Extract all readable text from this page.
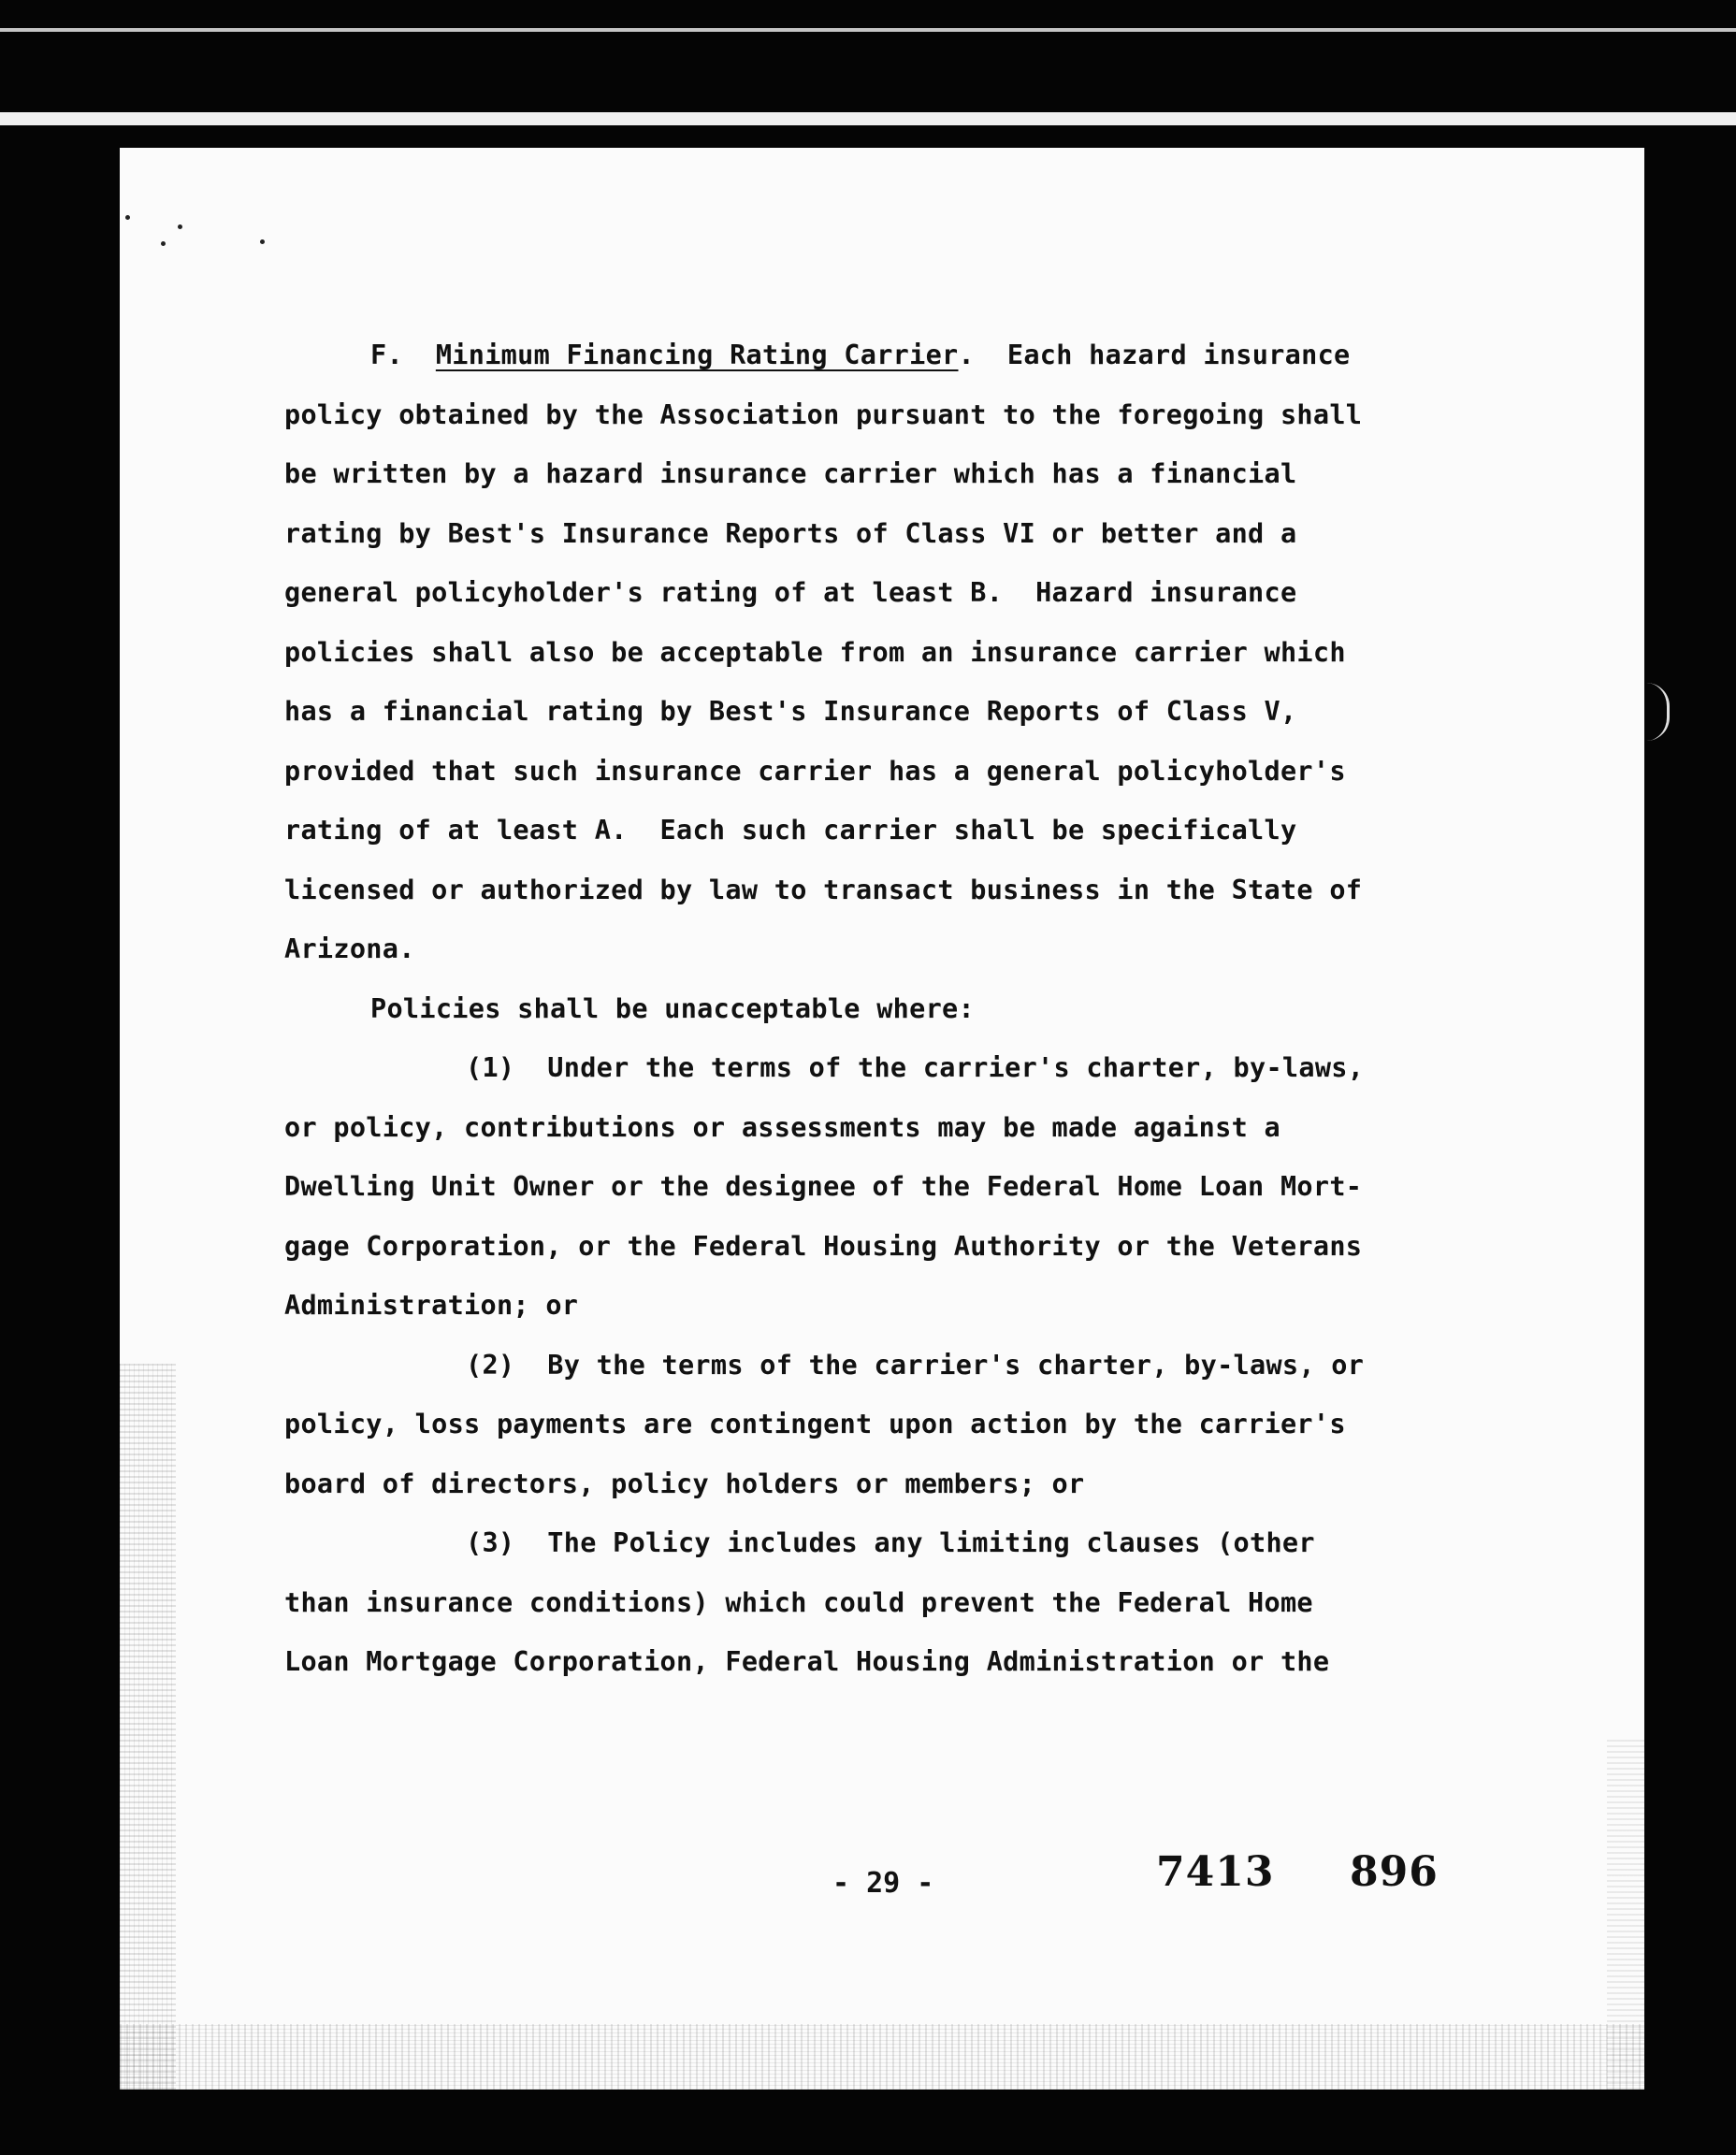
F. Minimum Financing Rating Carrier.  Each hazard insurance
policy obtained by the Association pursuant to the foregoing shall
be written by a hazard insurance carrier which has a financial
rating by Best's Insurance Reports of Class VI or better and a
general policyholder's rating of at least B.  Hazard insurance
policies shall also be acceptable from an insurance carrier which
has a financial rating by Best's Insurance Reports of Class V,
provided that such insurance carrier has a general policyholder's
rating of at least A.  Each such carrier shall be specifically
licensed or authorized by law to transact business in the State of
Arizona.
Policies shall be unacceptable where:
(1)  Under the terms of the carrier's charter, by-laws,
or policy, contributions or assessments may be made against a
Dwelling Unit Owner or the designee of the Federal Home Loan Mort-
gage Corporation, or the Federal Housing Authority or the Veterans
Administration; or
(2)  By the terms of the carrier's charter, by-laws, or
policy, loss payments are contingent upon action by the carrier's
board of directors, policy holders or members; or
(3)  The Policy includes any limiting clauses (other
than insurance conditions) which could prevent the Federal Home
Loan Mortgage Corporation, Federal Housing Administration or the
- 29 -	7413 896
